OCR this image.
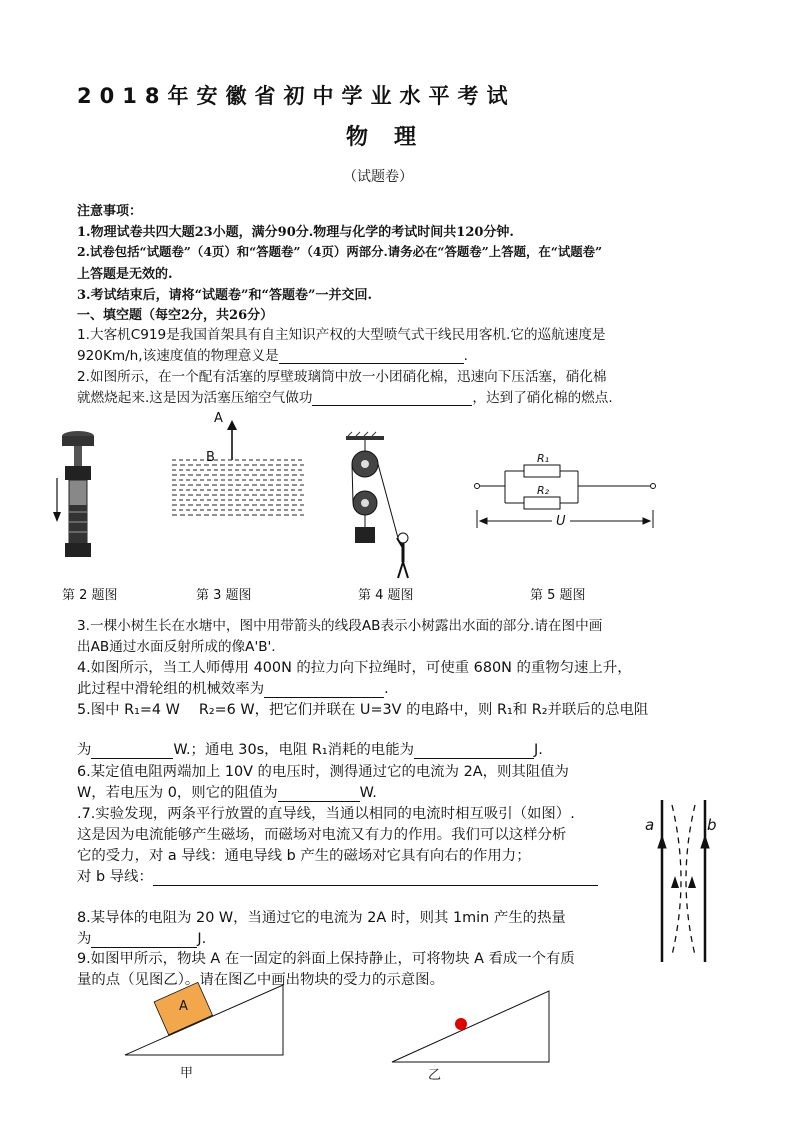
2018年安徽省初中学业水平考试
物理
（试题卷）
注意事项：
1.物理试卷共四大题23小题，满分90分.物理与化学的考试时间共120分钟.
2.试卷包括“试题卷”（4页）和“答题卷”（4页）两部分.请务必在“答题卷”上答题，在“试题卷”
上答题是无效的.
3.考试结束后，请将“试题卷”和“答题卷”一并交回.
一、填空题（每空2分，共26分）
1.大客机C919是我国首架具有自主知识产权的大型喷气式干线民用客机.它的巡航速度是
920Km/h,该速度值的物理意义是	.
2.如图所示，在一个配有活塞的厚壁玻璃筒中放一小团硝化棉，迅速向下压活塞，硝化棉
就燃烧起来.这是因为活塞压缩空气做功	，达到了硝化棉的燃点.
A
B	R₁
R₂
U
第 2 题图	第 3 题图	第 4 题图	第 5 题图
3.一棵小树生长在水塘中，图中用带箭头的线段AB表示小树露出水面的部分.请在图中画
出AB通过水面反射所成的像A'B'.
4.如图所示，当工人师傅用 400N 的拉力向下拉绳时，可使重 680N 的重物匀速上升，
此过程中滑轮组的机械效率为	.
5.图中 R₁=4 W　 R₂=6 W，把它们并联在 U=3V 的电路中，则 R₁和 R₂并联后的总电阻
为	W.；通电 30s，电阻 R₁消耗的电能为	J.
6.某定值电阻两端加上 10V 的电压时，测得通过它的电流为 2A，则其阻值为
W，若电压为 0，则它的阻值为	W.
.7.实验发现，两条平行放置的直导线，当通以相同的电流时相互吸引（如图）.
这是因为电流能够产生磁场，而磁场对电流又有力的作用。我们可以这样分析
它的受力，对 a 导线：通电导线 b 产生的磁场对它具有向右的作用力；
对 b 导线：
a	b
8.某导体的电阻为 20 W，当通过它的电流为 2A 时，则其 1min 产生的热量
为	J.
9.如图甲所示，物块 A 在一固定的斜面上保持静止，可将物块 A 看成一个有质
量的点（见图乙）。请在图乙中画出物块的受力的示意图。
A
甲	乙
